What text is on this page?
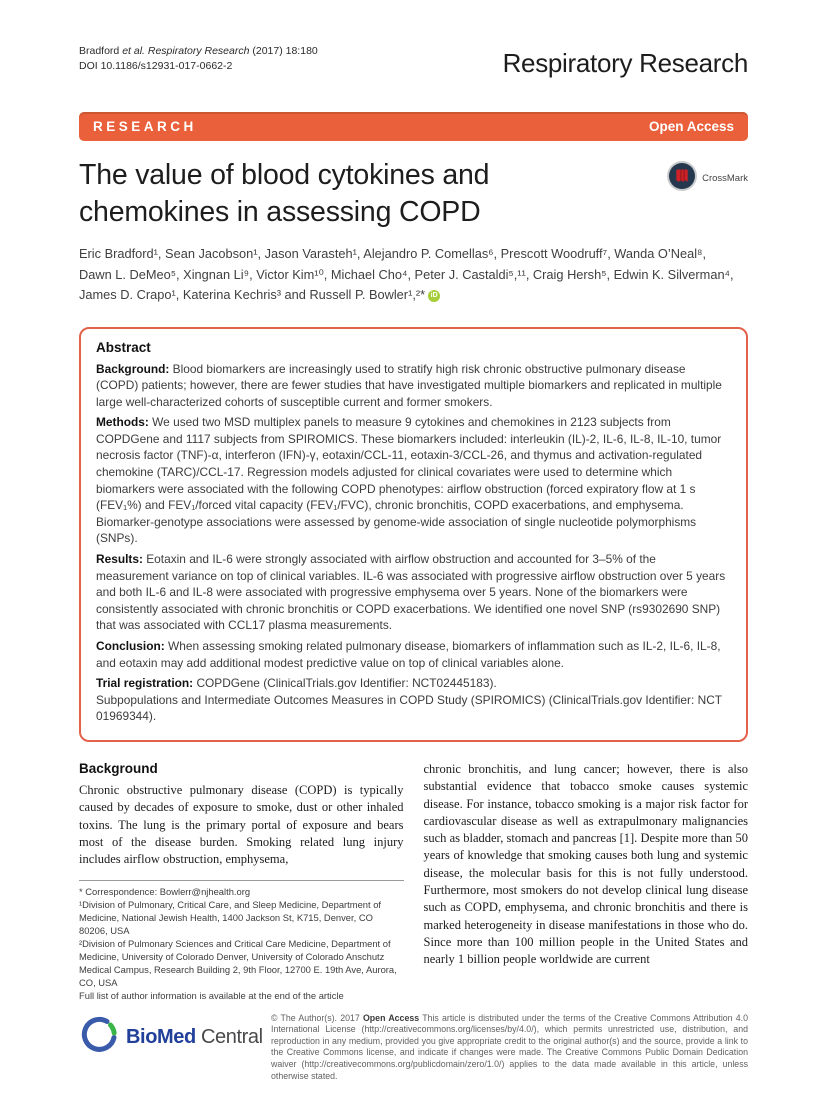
Bradford et al. Respiratory Research (2017) 18:180
DOI 10.1186/s12931-017-0662-2	Respiratory Research
RESEARCH	Open Access
The value of blood cytokines and chemokines in assessing COPD
CrossMark
Eric Bradford¹, Sean Jacobson¹, Jason Varasteh¹, Alejandro P. Comellas⁶, Prescott Woodruff⁷, Wanda O’Neal⁸,
Dawn L. DeMeo⁵, Xingnan Li⁹, Victor Kim¹⁰, Michael Cho⁴, Peter J. Castaldi⁵,¹¹, Craig Hersh⁵, Edwin K. Silverman⁴,
James D. Crapo¹, Katerina Kechris³ and Russell P. Bowler¹,²* iD
Abstract

Background: Blood biomarkers are increasingly used to stratify high risk chronic obstructive pulmonary disease (COPD) patients; however, there are fewer studies that have investigated multiple biomarkers and replicated in multiple large well-characterized cohorts of susceptible current and former smokers.

Methods: We used two MSD multiplex panels to measure 9 cytokines and chemokines in 2123 subjects from COPDGene and 1117 subjects from SPIROMICS. These biomarkers included: interleukin (IL)-2, IL-6, IL-8, IL-10, tumor necrosis factor (TNF)-α, interferon (IFN)-γ, eotaxin/CCL-11, eotaxin-3/CCL-26, and thymus and activation-regulated chemokine (TARC)/CCL-17. Regression models adjusted for clinical covariates were used to determine which biomarkers were associated with the following COPD phenotypes: airflow obstruction (forced expiratory flow at 1 s (FEV₁%) and FEV₁/forced vital capacity (FEV₁/FVC), chronic bronchitis, COPD exacerbations, and emphysema. Biomarker-genotype associations were assessed by genome-wide association of single nucleotide polymorphisms (SNPs).

Results: Eotaxin and IL-6 were strongly associated with airflow obstruction and accounted for 3–5% of the measurement variance on top of clinical variables. IL-6 was associated with progressive airflow obstruction over 5 years and both IL-6 and IL-8 were associated with progressive emphysema over 5 years. None of the biomarkers were consistently associated with chronic bronchitis or COPD exacerbations. We identified one novel SNP (rs9302690 SNP) that was associated with CCL17 plasma measurements.

Conclusion: When assessing smoking related pulmonary disease, biomarkers of inflammation such as IL-2, IL-6, IL-8, and eotaxin may add additional modest predictive value on top of clinical variables alone.

Trial registration: COPDGene (ClinicalTrials.gov Identifier: NCT02445183).

Subpopulations and Intermediate Outcomes Measures in COPD Study (SPIROMICS) (ClinicalTrials.gov Identifier: NCT 01969344).

Background

Chronic obstructive pulmonary disease (COPD) is typically caused by decades of exposure to smoke, dust or other inhaled toxins. The lung is the primary portal of exposure and bears most of the disease burden. Smoking related lung injury includes airflow obstruction, emphysema,

* Correspondence: Bowlerr@njhealth.org
¹Division of Pulmonary, Critical Care, and Sleep Medicine, Department of Medicine, National Jewish Health, 1400 Jackson St, K715, Denver, CO 80206, USA
²Division of Pulmonary Sciences and Critical Care Medicine, Department of Medicine, University of Colorado Denver, University of Colorado Anschutz Medical Campus, Research Building 2, 9th Floor, 12700 E. 19th Ave, Aurora, CO, USA
Full list of author information is available at the end of the article

chronic bronchitis, and lung cancer; however, there is also substantial evidence that tobacco smoke causes systemic disease. For instance, tobacco smoking is a major risk factor for cardiovascular disease as well as extrapulmonary malignancies such as bladder, stomach and pancreas [1]. Despite more than 50 years of knowledge that smoking causes both lung and systemic disease, the molecular basis for this is not fully understood. Furthermore, most smokers do not develop clinical lung disease such as COPD, emphysema, and chronic bronchitis and there is marked heterogeneity in disease manifestations in those who do. Since more than 100 million people in the United States and nearly 1 billion people worldwide are current

BioMed Central

© The Author(s). 2017 Open Access This article is distributed under the terms of the Creative Commons Attribution 4.0 International License (http://creativecommons.org/licenses/by/4.0/), which permits unrestricted use, distribution, and reproduction in any medium, provided you give appropriate credit to the original author(s) and the source, provide a link to the Creative Commons license, and indicate if changes were made. The Creative Commons Public Domain Dedication waiver (http://creativecommons.org/publicdomain/zero/1.0/) applies to the data made available in this article, unless otherwise stated.
